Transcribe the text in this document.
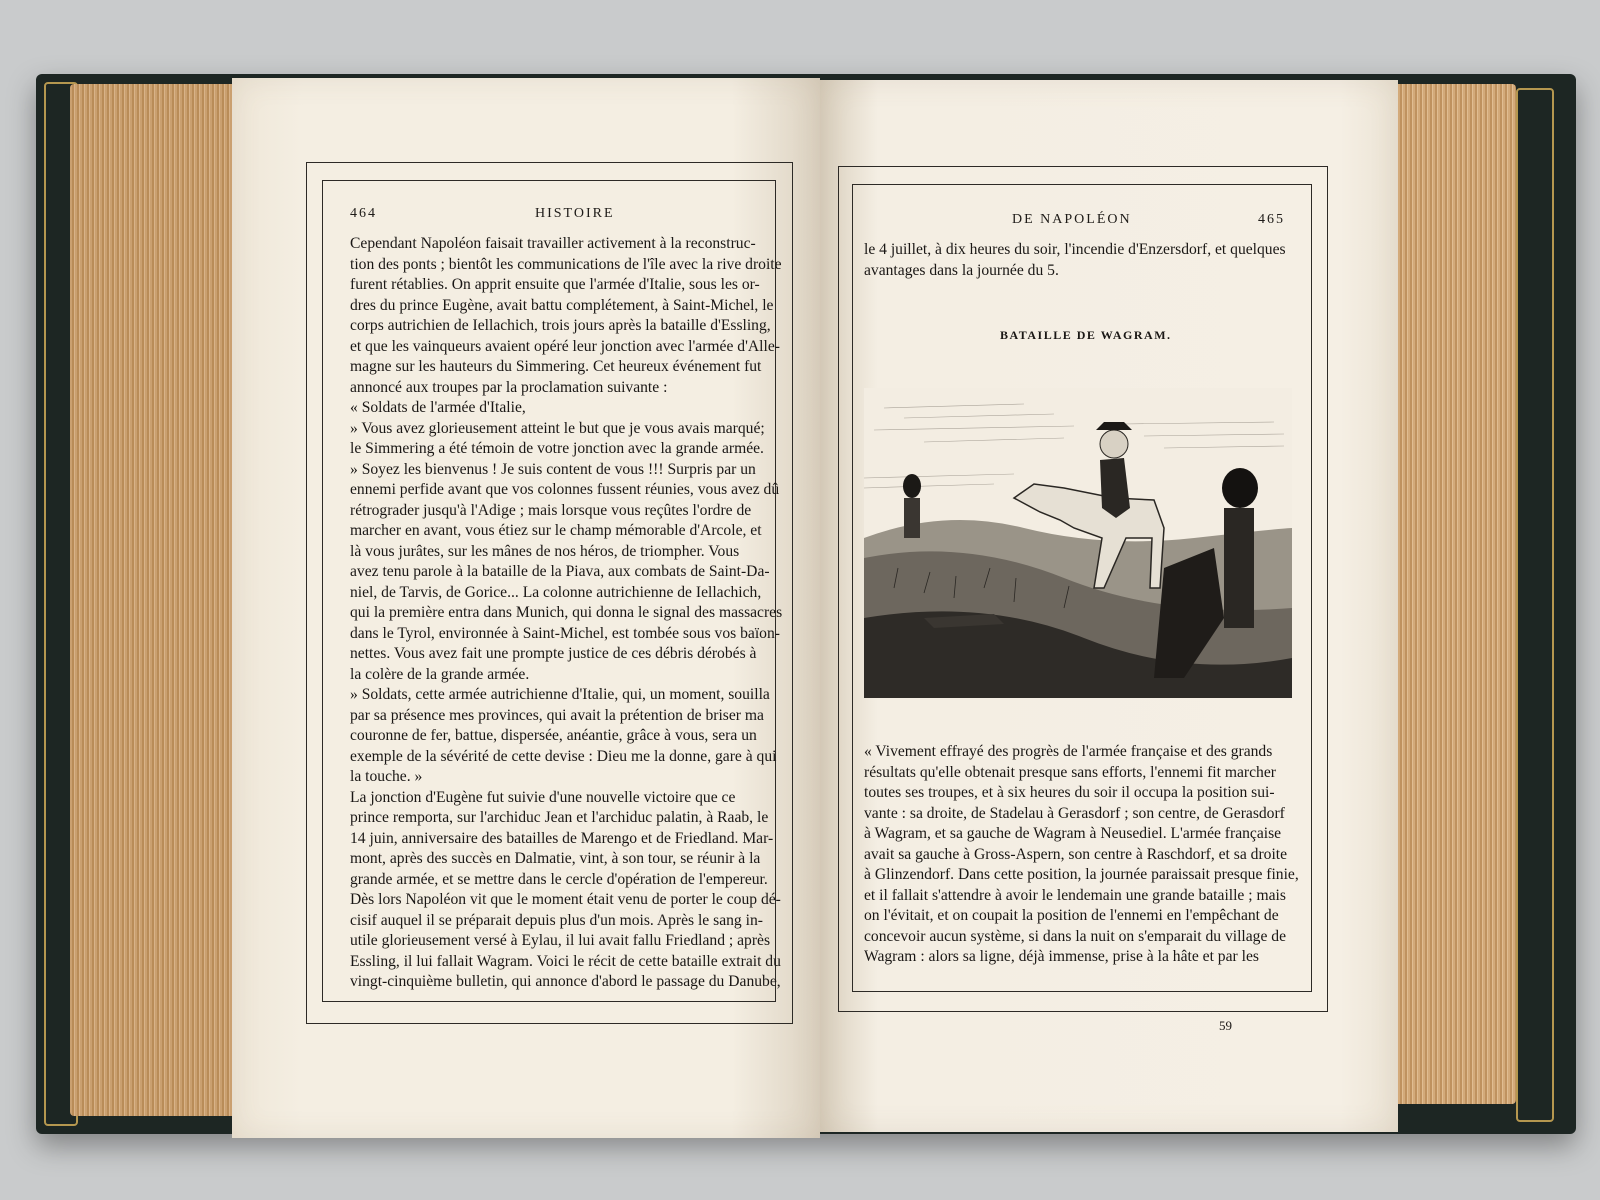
464	HISTOIRE

Cependant Napoléon faisait travailler activement à la reconstruc-

tion des ponts ; bientôt les communications de l'île avec la rive droite

furent rétablies. On apprit ensuite que l'armée d'Italie, sous les or-

dres du prince Eugène, avait battu complétement, à Saint-Michel, le

corps autrichien de Iellachich, trois jours après la bataille d'Essling,

et que les vainqueurs avaient opéré leur jonction avec l'armée d'Alle-

magne sur les hauteurs du Simmering. Cet heureux événement fut

annoncé aux troupes par la proclamation suivante :

« Soldats de l'armée d'Italie,

» Vous avez glorieusement atteint le but que je vous avais marqué;

le Simmering a été témoin de votre jonction avec la grande armée.

» Soyez les bienvenus ! Je suis content de vous !!! Surpris par un

ennemi perfide avant que vos colonnes fussent réunies, vous avez dû

rétrograder jusqu'à l'Adige ; mais lorsque vous reçûtes l'ordre de

marcher en avant, vous étiez sur le champ mémorable d'Arcole, et

là vous jurâtes, sur les mânes de nos héros, de triompher. Vous

avez tenu parole à la bataille de la Piava, aux combats de Saint-Da-

niel, de Tarvis, de Gorice... La colonne autrichienne de Iellachich,

qui la première entra dans Munich, qui donna le signal des massacres

dans le Tyrol, environnée à Saint-Michel, est tombée sous vos baïon-

nettes. Vous avez fait une prompte justice de ces débris dérobés à

la colère de la grande armée.

» Soldats, cette armée autrichienne d'Italie, qui, un moment, souilla

par sa présence mes provinces, qui avait la prétention de briser ma

couronne de fer, battue, dispersée, anéantie, grâce à vous, sera un

exemple de la sévérité de cette devise : Dieu me la donne, gare à qui

la touche. »

La jonction d'Eugène fut suivie d'une nouvelle victoire que ce

prince remporta, sur l'archiduc Jean et l'archiduc palatin, à Raab, le

14 juin, anniversaire des batailles de Marengo et de Friedland. Mar-

mont, après des succès en Dalmatie, vint, à son tour, se réunir à la

grande armée, et se mettre dans le cercle d'opération de l'empereur.

Dès lors Napoléon vit que le moment était venu de porter le coup dé-

cisif auquel il se préparait depuis plus d'un mois. Après le sang in-

utile glorieusement versé à Eylau, il lui avait fallu Friedland ; après

Essling, il lui fallait Wagram. Voici le récit de cette bataille extrait du

vingt-cinquième bulletin, qui annonce d'abord le passage du Danube,

DE NAPOLÉON	465

le 4 juillet, à dix heures du soir, l'incendie d'Enzersdorf, et quelques

avantages dans la journée du 5.

BATAILLE DE WAGRAM.

« Vivement effrayé des progrès de l'armée française et des grands

résultats qu'elle obtenait presque sans efforts, l'ennemi fit marcher

toutes ses troupes, et à six heures du soir il occupa la position sui-

vante : sa droite, de Stadelau à Gerasdorf ; son centre, de Gerasdorf

à Wagram, et sa gauche de Wagram à Neusediel. L'armée française

avait sa gauche à Gross-Aspern, son centre à Raschdorf, et sa droite

à Glinzendorf. Dans cette position, la journée paraissait presque finie,

et il fallait s'attendre à avoir le lendemain une grande bataille ; mais

on l'évitait, et on coupait la position de l'ennemi en l'empêchant de

concevoir aucun système, si dans la nuit on s'emparait du village de

Wagram : alors sa ligne, déjà immense, prise à la hâte et par les

59
